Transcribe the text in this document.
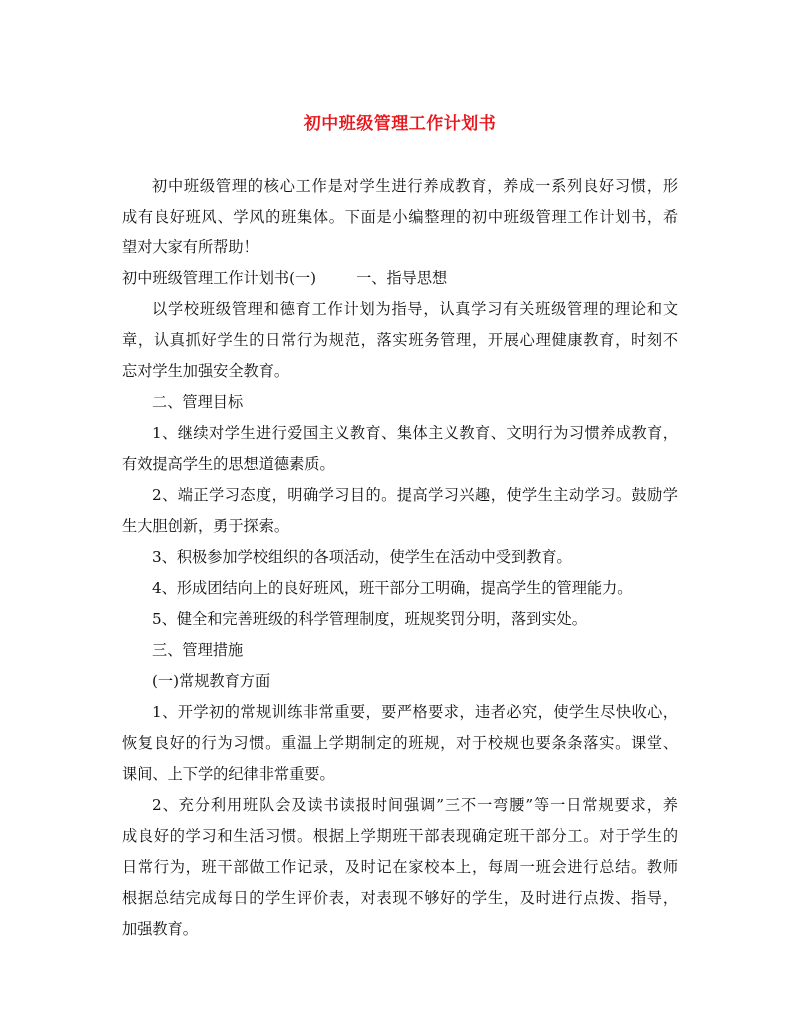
初中班级管理工作计划书
初中班级管理的核心工作是对学生进行养成教育，养成一系列良好习惯，形
成有良好班风、学风的班集体。下面是小编整理的初中班级管理工作计划书，希
望对大家有所帮助！
初中班级管理工作计划书(一)	一、指导思想
以学校班级管理和德育工作计划为指导，认真学习有关班级管理的理论和文
章，认真抓好学生的日常行为规范，落实班务管理，开展心理健康教育，时刻不
忘对学生加强安全教育。
二、管理目标
1、继续对学生进行爱国主义教育、集体主义教育、文明行为习惯养成教育，
有效提高学生的思想道德素质。
2、端正学习态度，明确学习目的。提高学习兴趣，使学生主动学习。鼓励学
生大胆创新，勇于探索。
3、积极参加学校组织的各项活动，使学生在活动中受到教育。
4、形成团结向上的良好班风，班干部分工明确，提高学生的管理能力。
5、健全和完善班级的科学管理制度，班规奖罚分明，落到实处。
三、管理措施
(一)常规教育方面
1、开学初的常规训练非常重要，要严格要求，违者必究，使学生尽快收心，
恢复良好的行为习惯。重温上学期制定的班规，对于校规也要条条落实。课堂、
课间、上下学的纪律非常重要。
2、充分利用班队会及读书读报时间强调”三不一弯腰”等一日常规要求，养
成良好的学习和生活习惯。根据上学期班干部表现确定班干部分工。对于学生的
日常行为，班干部做工作记录，及时记在家校本上，每周一班会进行总结。教师
根据总结完成每日的学生评价表，对表现不够好的学生，及时进行点拨、指导，
加强教育。
